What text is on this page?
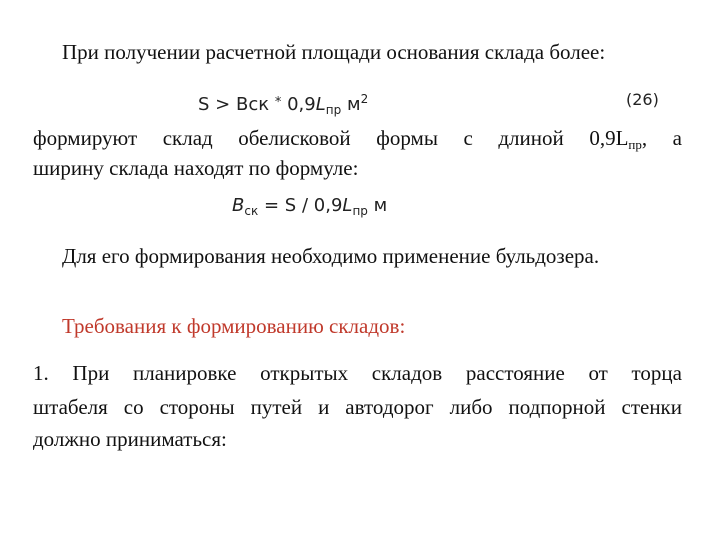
При получении расчетной площади основания склада более:
S > Вск * $0,9L_{пр}$ $м^2$	(26)
формируют склад обелисковой формы с длиной 0,9Lпр, а
ширину склада находят по формуле:
$B_{ск} = S / 0,9L_{пр}$ м
Для его формирования необходимо применение бульдозера.
Требования к формированию складов:
1. При планировке открытых складов расстояние от торца
штабеля со стороны путей и автодорог либо подпорной стенки
должно приниматься:
